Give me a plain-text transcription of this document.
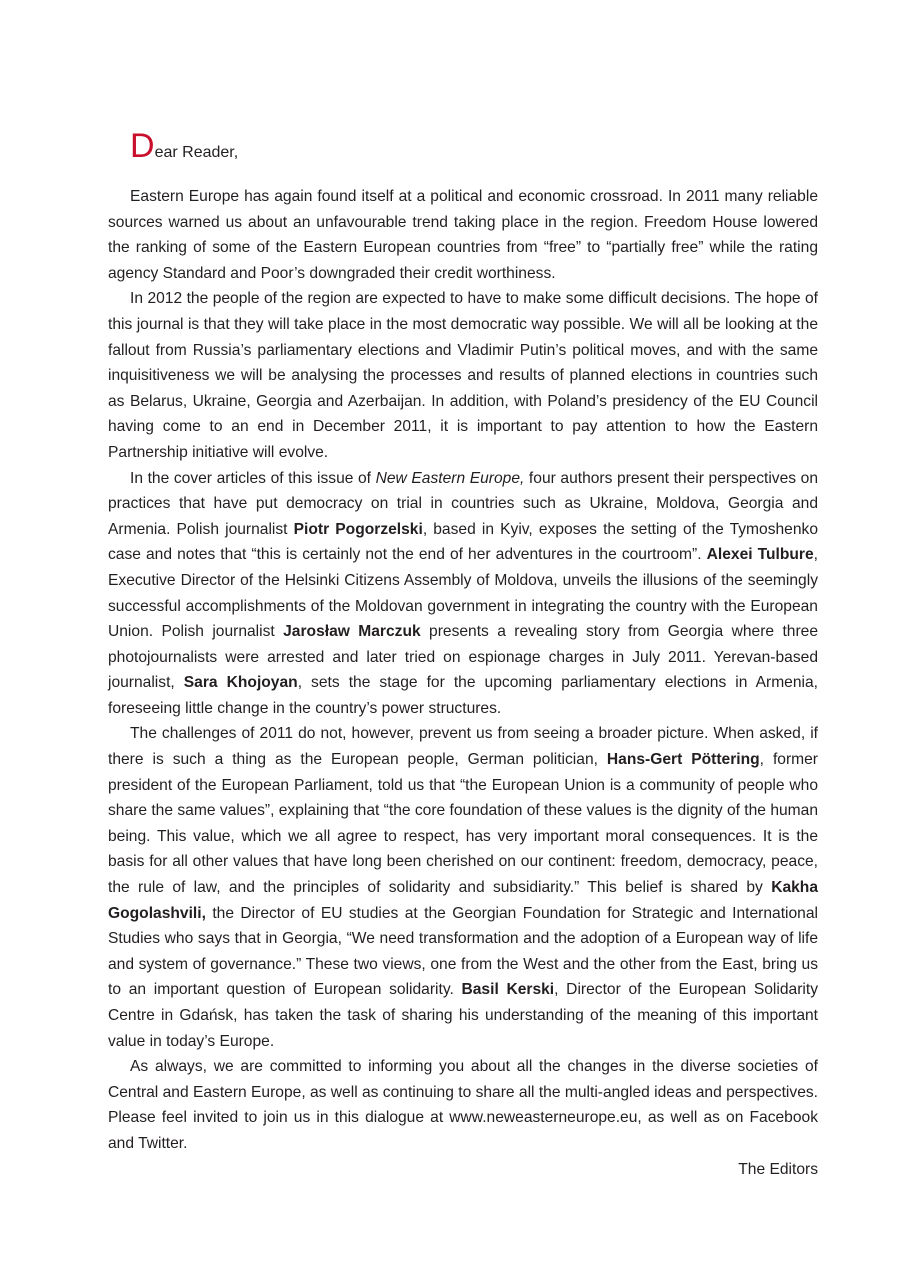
Dear Reader,

Eastern Europe has again found itself at a political and economic crossroad. In 2011 many reliable sources warned us about an unfavourable trend taking place in the region. Freedom House lowered the ranking of some of the Eastern European countries from “free” to “partially free” while the rating agency Standard and Poor’s downgraded their credit worthiness.

In 2012 the people of the region are expected to have to make some difficult decisions. The hope of this journal is that they will take place in the most democratic way possible. We will all be looking at the fallout from Russia’s parliamentary elections and Vladimir Putin’s political moves, and with the same inquisitiveness we will be analysing the processes and results of planned elections in countries such as Belarus, Ukraine, Georgia and Azerbaijan. In addition, with Poland’s presidency of the EU Council having come to an end in December 2011, it is important to pay attention to how the Eastern Partnership initiative will evolve.

In the cover articles of this issue of New Eastern Europe, four authors present their perspectives on practices that have put democracy on trial in countries such as Ukraine, Moldova, Georgia and Armenia. Polish journalist Piotr Pogorzelski, based in Kyiv, exposes the setting of the Tymoshenko case and notes that “this is certainly not the end of her adventures in the courtroom”. Alexei Tulbure, Executive Director of the Helsinki Citizens Assembly of Moldova, unveils the illusions of the seemingly successful accomplishments of the Moldovan government in integrating the country with the European Union. Polish journalist Jarosław Marczuk presents a revealing story from Georgia where three photojournalists were arrested and later tried on espionage charges in July 2011. Yerevan-based journalist, Sara Khojoyan, sets the stage for the upcoming parliamentary elections in Armenia, foreseeing little change in the country’s power structures.

The challenges of 2011 do not, however, prevent us from seeing a broader picture. When asked, if there is such a thing as the European people, German politician, Hans-Gert Pöttering, former president of the European Parliament, told us that “the European Union is a community of people who share the same values”, explaining that “the core foundation of these values is the dignity of the human being. This value, which we all agree to respect, has very important moral consequences. It is the basis for all other values that have long been cherished on our continent: freedom, democracy, peace, the rule of law, and the principles of solidarity and subsidiarity.” This belief is shared by Kakha Gogolashvili, the Director of EU studies at the Georgian Foundation for Strategic and International Studies who says that in Georgia, “We need transformation and the adoption of a European way of life and system of governance.” These two views, one from the West and the other from the East, bring us to an important question of European solidarity. Basil Kerski, Director of the European Solidarity Centre in Gdańsk, has taken the task of sharing his understanding of the meaning of this important value in today’s Europe.

As always, we are committed to informing you about all the changes in the diverse societies of Central and Eastern Europe, as well as continuing to share all the multi-angled ideas and perspectives. Please feel invited to join us in this dialogue at www.neweasterneurope.eu, as well as on Facebook and Twitter.

The Editors
